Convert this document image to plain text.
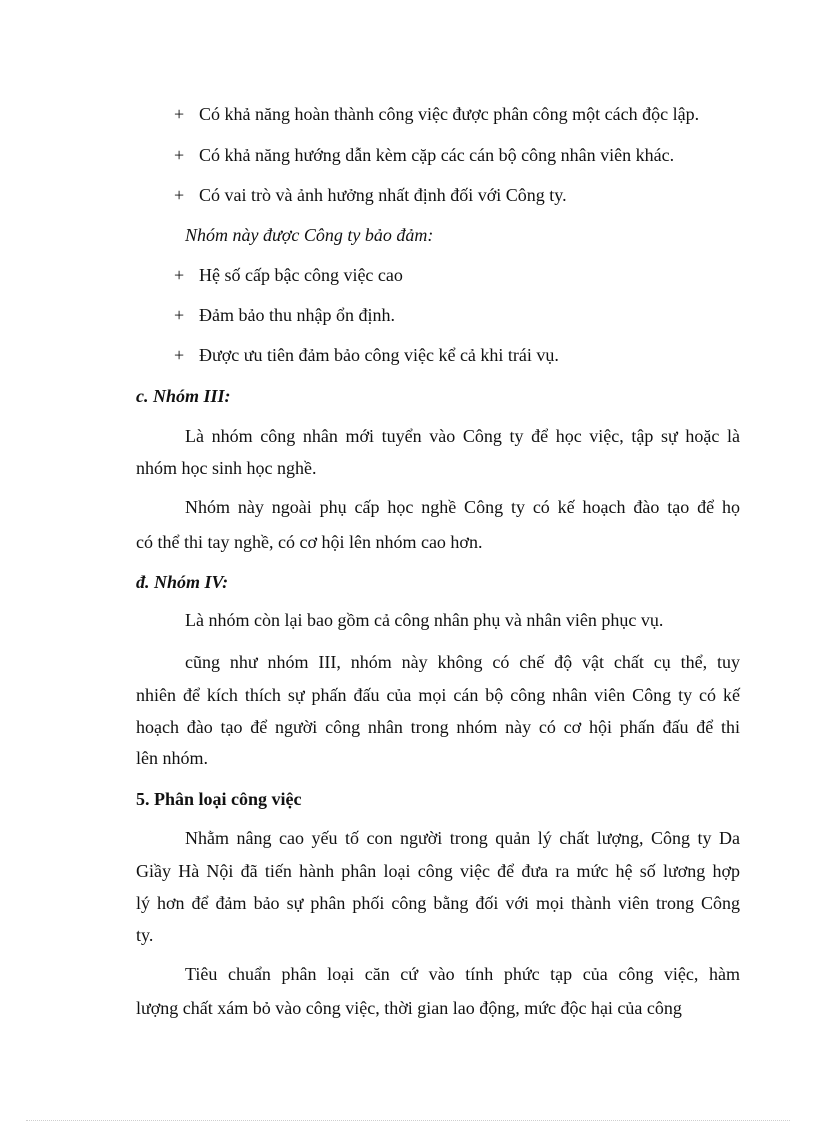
+ Có khả năng hoàn thành công việc được phân công một cách độc lập.
+ Có khả năng hướng dẫn kèm cặp các cán bộ công nhân viên khác.
+ Có vai trò và ảnh hưởng nhất định đối với Công ty.
Nhóm này được Công ty bảo đảm:
+ Hệ số cấp bậc công việc cao
+ Đảm bảo thu nhập ổn định.
+ Được ưu tiên đảm bảo công việc kể cả khi trái vụ.
c. Nhóm III:
Là nhóm công nhân mới tuyển vào Công ty để học việc, tập sự hoặc là
nhóm học sinh học nghề.
Nhóm này ngoài phụ cấp học nghề Công ty có kế hoạch đào tạo để họ
có thể thi tay nghề, có cơ hội lên nhóm cao hơn.
đ. Nhóm IV:
Là nhóm còn lại bao gồm cả công nhân phụ và nhân viên phục vụ.
cũng như nhóm III, nhóm này không có chế độ vật chất cụ thể, tuy
nhiên để kích thích sự phấn đấu của mọi cán bộ công nhân viên Công ty có kế
hoạch đào tạo để người công nhân trong nhóm này có cơ hội phấn đấu để thi
lên nhóm.
5. Phân loại công việc
Nhằm nâng cao yếu tố con người trong quản lý chất lượng, Công ty Da
Giầy Hà Nội đã tiến hành phân loại công việc để đưa ra mức hệ số lương hợp
lý hơn để đảm bảo sự phân phối công bằng đối với mọi thành viên trong Công
ty.
Tiêu chuẩn phân loại căn cứ vào tính phức tạp của công việc, hàm
lượng chất xám bỏ vào công việc, thời gian lao động, mức độc hại của công
